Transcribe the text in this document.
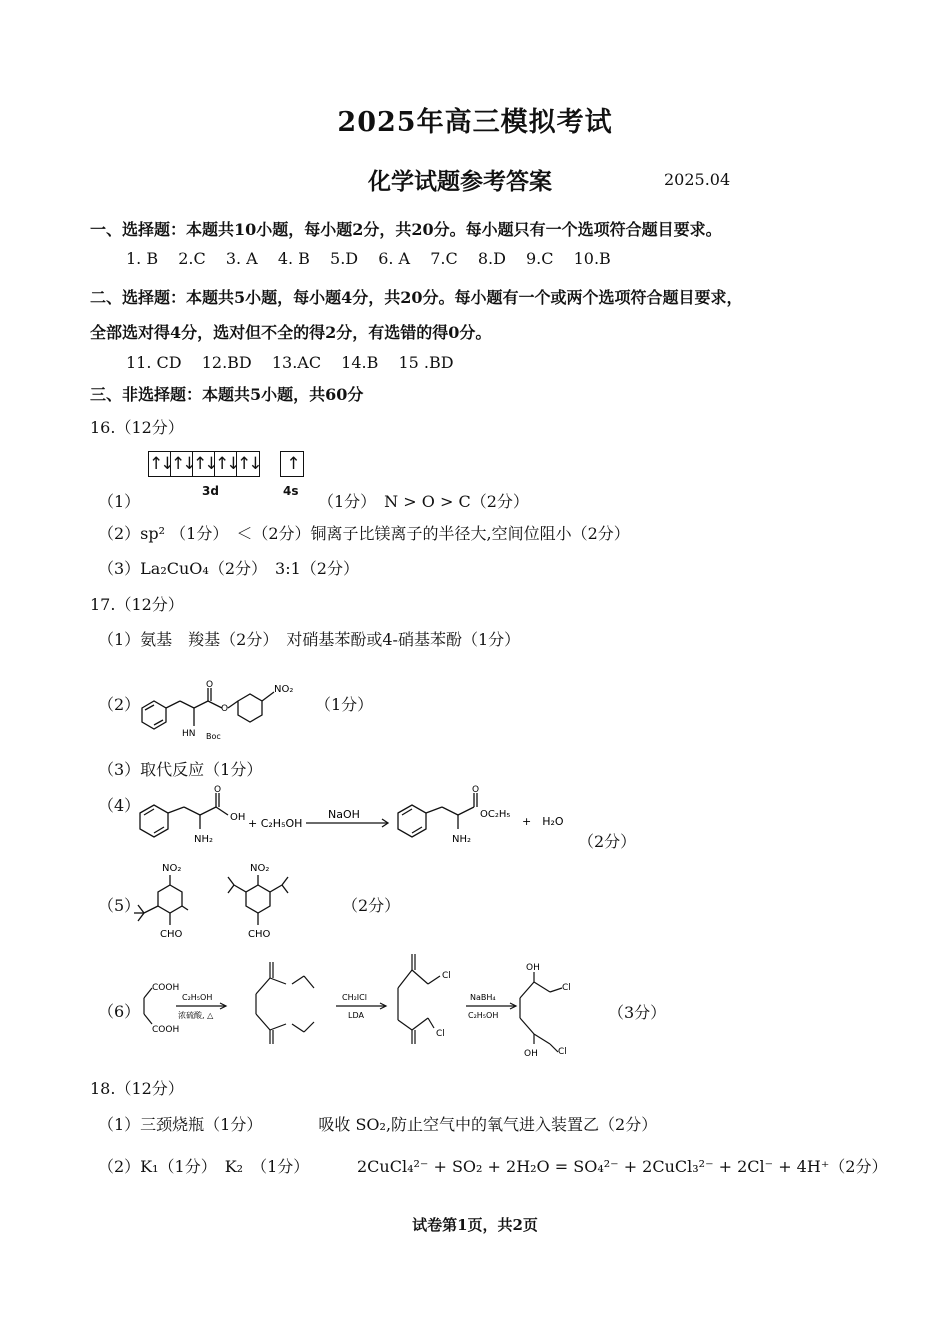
2025年高三模拟考试
化学试题参考答案	2025.04
一、选择题：本题共10小题，每小题2分，共20分。每小题只有一个选项符合题目要求。
1. B 2.C 3. A 4. B 5.D 6. A 7.C 8.D 9.C 10.B
二、选择题：本题共5小题，每小题4分，共20分。每小题有一个或两个选项符合题目要求，
全部选对得4分，选对但不全的得2分，有选错的得0分。
11. CD 12.BD 13.AC 14.B 15 .BD
三、非选择题：本题共5小题，共60分
16.（12分）
↑↓ ↑↓ ↑↓ ↑↓ ↑↓	↑
3d	4s
（1）	（1分）　N > O > C（2分）
（2）sp² （1分）　＜（2分）铜离子比镁离子的半径大,空间位阻小（2分）
（3）La₂CuO₄（2分）　3:1（2分）
17.（12分）
（1）氨基　羧基（2分）　对硝基苯酚或4-硝基苯酚（1分）
（2）
O
O
NO₂
HN Boc
（1分）
（3）取代反应（1分）
（4）
O	O
OH
NH₂
+ C₂H₅OH
NaOH	OC₂H₅
NH₂
+　H₂O
（2分）
（5）
NO₂
CHO
NO₂
CHO
（2分）
（6）
COOH
COOH
C₂H₅OH
浓硫酸, △
CH₂ICl
LDA
Cl
Cl
NaBH₄
C₂H₅OH
OH
OH
Cl
Cl
（3分）
18.（12分）
（1）三颈烧瓶（1分）　　　　吸收 SO₂,防止空气中的氧气进入装置乙（2分）
（2）K₁（1分）　K₂　（1分）	2CuCl₄²⁻ + SO₂ + 2H₂O = SO₄²⁻ + 2CuCl₃²⁻ + 2Cl⁻ + 4H⁺（2分）
试卷第1页，共2页
